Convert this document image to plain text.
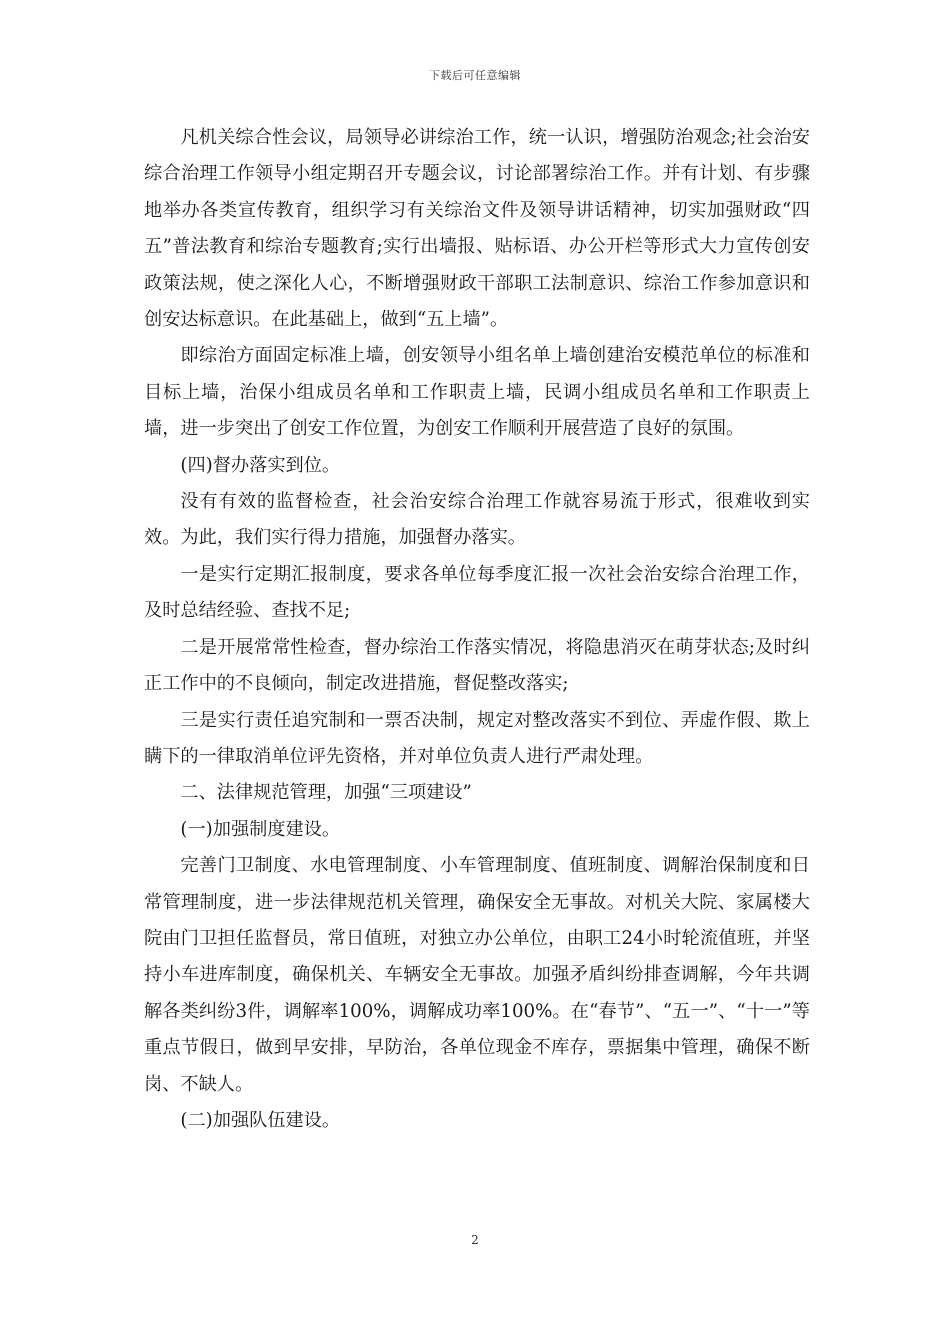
下载后可任意编辑

凡机关综合性会议，局领导必讲综治工作，统一认识，增强防治观念;社会治安综合治理工作领导小组定期召开专题会议，讨论部署综治工作。并有计划、有步骤地举办各类宣传教育，组织学习有关综治文件及领导讲话精神，切实加强财政“四五”普法教育和综治专题教育;实行出墙报、贴标语、办公开栏等形式大力宣传创安政策法规，使之深化人心，不断增强财政干部职工法制意识、综治工作参加意识和创安达标意识。在此基础上，做到“五上墙”。

即综治方面固定标准上墙，创安领导小组名单上墙创建治安模范单位的标准和目标上墙，治保小组成员名单和工作职责上墙，民调小组成员名单和工作职责上墙，进一步突出了创安工作位置，为创安工作顺利开展营造了良好的氛围。

(四)督办落实到位。

没有有效的监督检查，社会治安综合治理工作就容易流于形式，很难收到实效。为此，我们实行得力措施，加强督办落实。

一是实行定期汇报制度，要求各单位每季度汇报一次社会治安综合治理工作，及时总结经验、查找不足;

二是开展常常性检查，督办综治工作落实情况，将隐患消灭在萌芽状态;及时纠正工作中的不良倾向，制定改进措施，督促整改落实;

三是实行责任追究制和一票否决制，规定对整改落实不到位、弄虚作假、欺上瞒下的一律取消单位评先资格，并对单位负责人进行严肃处理。

二、法律规范管理，加强“三项建设”

(一)加强制度建设。

完善门卫制度、水电管理制度、小车管理制度、值班制度、调解治保制度和日常管理制度，进一步法律规范机关管理，确保安全无事故。对机关大院、家属楼大院由门卫担任监督员，常日值班，对独立办公单位，由职工24小时轮流值班，并坚持小车进库制度，确保机关、车辆安全无事故。加强矛盾纠纷排查调解，今年共调解各类纠纷3件，调解率100%，调解成功率100%。在“春节”、“五一”、“十一”等重点节假日，做到早安排，早防治，各单位现金不库存，票据集中管理，确保不断岗、不缺人。

(二)加强队伍建设。

2
